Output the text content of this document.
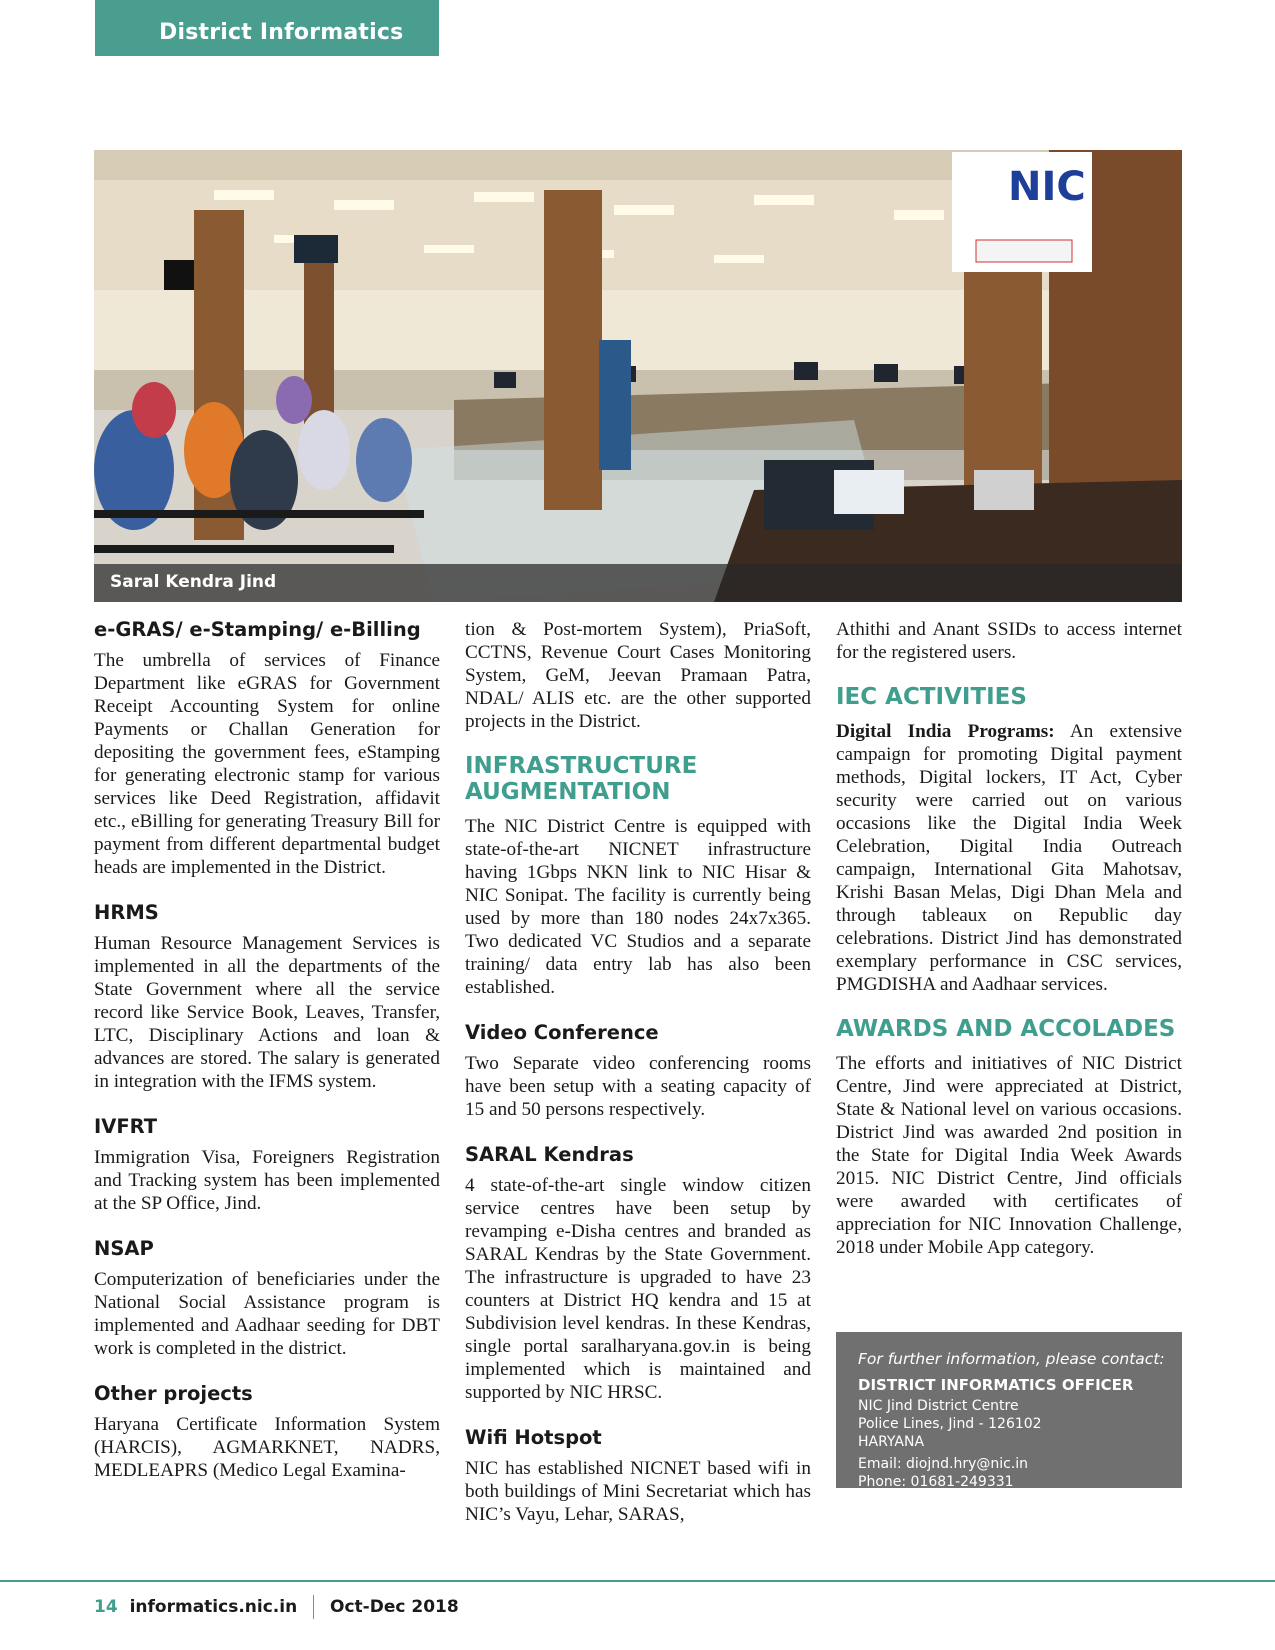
District Informatics
NIC
Saral Kendra Jind
e-GRAS/ e-Stamping/ e-Billing

The umbrella of services of Finance Department like eGRAS for Government Receipt Accounting System for online Payments or Challan Generation for depositing the government fees, eStamping for generating electronic stamp for various services like Deed Registration, affidavit etc., eBilling for generating Treasury Bill for payment from different departmental budget heads are implemented in the District.

HRMS

Human Resource Management Services is implemented in all the departments of the State Government where all the service record like Service Book, Leaves, Transfer, LTC, Disciplinary Actions and loan & advances are stored. The salary is generated in integration with the IFMS system.

IVFRT

Immigration Visa, Foreigners Registration and Tracking system has been implemented at the SP Office, Jind.

NSAP

Computerization of beneficiaries under the National Social Assistance program is implemented and Aadhaar seeding for DBT work is completed in the district.

Other projects

Haryana Certificate Information System (HARCIS), AGMARKNET, NADRS, MEDLEAPRS (Medico Legal Examina-

tion & Post-mortem System), PriaSoft, CCTNS, Revenue Court Cases Monitoring System, GeM, Jeevan Pramaan Patra, NDAL/ ALIS etc. are the other supported projects in the District.

INFRASTRUCTURE AUGMENTATION

The NIC District Centre is equipped with state-of-the-art NICNET infrastructure having 1Gbps NKN link to NIC Hisar & NIC Sonipat. The facility is currently being used by more than 180 nodes 24x7x365. Two dedicated VC Studios and a separate training/ data entry lab has also been established.

Video Conference

Two Separate video conferencing rooms have been setup with a seating capacity of 15 and 50 persons respectively.

SARAL Kendras

4 state-of-the-art single window citizen service centres have been setup by revamping e-Disha centres and branded as SARAL Kendras by the State Government. The infrastructure is upgraded to have 23 counters at District HQ kendra and 15 at Subdivision level kendras. In these Kendras, single portal saralharyana.gov.in is being implemented which is maintained and supported by NIC HRSC.

Wifi Hotspot

NIC has established NICNET based wifi in both buildings of Mini Secretariat which has NIC’s Vayu, Lehar, SARAS,

Athithi and Anant SSIDs to access internet for the registered users.

IEC ACTIVITIES

Digital India Programs: An extensive campaign for promoting Digital payment methods, Digital lockers, IT Act, Cyber security were carried out on various occasions like the Digital India Week Celebration, Digital India Outreach campaign, International Gita Mahotsav, Krishi Basan Melas, Digi Dhan Mela and through tableaux on Republic day celebrations. District Jind has demonstrated exemplary performance in CSC services, PMGDISHA and Aadhaar services.

AWARDS AND ACCOLADES

The efforts and initiatives of NIC District Centre, Jind were appreciated at District, State & National level on various occasions. District Jind was awarded 2nd position in the State for Digital India Week Awards 2015. NIC District Centre, Jind officials were awarded with certificates of appreciation for NIC Innovation Challenge, 2018 under Mobile App category.

For further information, please contact:
DISTRICT INFORMATICS OFFICER
NIC Jind District Centre
Police Lines, Jind - 126102
HARYANA
Email: diojnd.hry@nic.in
Phone: 01681-249331
14 informatics.nic.in Oct-Dec 2018
